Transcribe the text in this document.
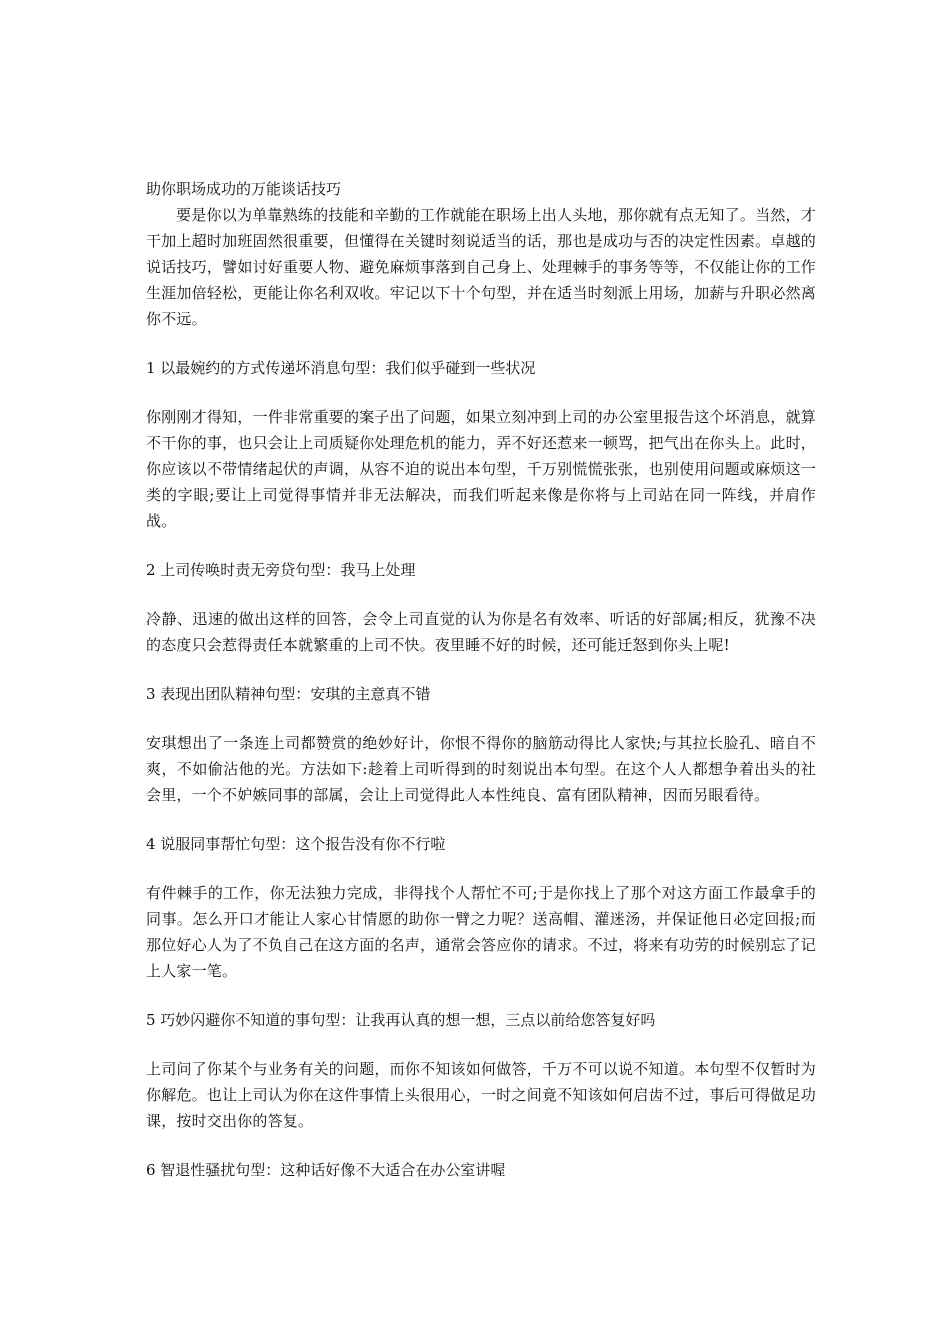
助你职场成功的万能谈话技巧

要是你以为单靠熟练的技能和辛勤的工作就能在职场上出人头地，那你就有点无知了。当然，才干加上超时加班固然很重要，但懂得在关键时刻说适当的话，那也是成功与否的决定性因素。卓越的说话技巧，譬如讨好重要人物、避免麻烦事落到自己身上、处理棘手的事务等等，不仅能让你的工作生涯加倍轻松，更能让你名利双收。牢记以下十个句型，并在适当时刻派上用场，加薪与升职必然离你不远。

1 以最婉约的方式传递坏消息句型：我们似乎碰到一些状况

你刚刚才得知，一件非常重要的案子出了问题，如果立刻冲到上司的办公室里报告这个坏消息，就算不干你的事，也只会让上司质疑你处理危机的能力，弄不好还惹来一顿骂，把气出在你头上。此时，你应该以不带情绪起伏的声调，从容不迫的说出本句型，千万别慌慌张张，也别使用问题或麻烦这一类的字眼;要让上司觉得事情并非无法解决，而我们听起来像是你将与上司站在同一阵线，并肩作战。

2 上司传唤时责无旁贷句型：我马上处理

冷静、迅速的做出这样的回答，会令上司直觉的认为你是名有效率、听话的好部属;相反，犹豫不决的态度只会惹得责任本就繁重的上司不快。夜里睡不好的时候，还可能迁怒到你头上呢!

3 表现出团队精神句型：安琪的主意真不错

安琪想出了一条连上司都赞赏的绝妙好计，你恨不得你的脑筋动得比人家快;与其拉长脸孔、暗自不爽，不如偷沾他的光。方法如下:趁着上司听得到的时刻说出本句型。在这个人人都想争着出头的社会里，一个不妒嫉同事的部属，会让上司觉得此人本性纯良、富有团队精神，因而另眼看待。

4 说服同事帮忙句型：这个报告没有你不行啦

有件棘手的工作，你无法独力完成，非得找个人帮忙不可;于是你找上了那个对这方面工作最拿手的同事。怎么开口才能让人家心甘情愿的助你一臂之力呢？送高帽、灌迷汤，并保证他日必定回报;而那位好心人为了不负自己在这方面的名声，通常会答应你的请求。不过，将来有功劳的时候别忘了记上人家一笔。

5 巧妙闪避你不知道的事句型：让我再认真的想一想，三点以前给您答复好吗

上司问了你某个与业务有关的问题，而你不知该如何做答，千万不可以说不知道。本句型不仅暂时为你解危。也让上司认为你在这件事情上头很用心，一时之间竟不知该如何启齿不过，事后可得做足功课，按时交出你的答复。

6 智退性骚扰句型：这种话好像不大适合在办公室讲喔
